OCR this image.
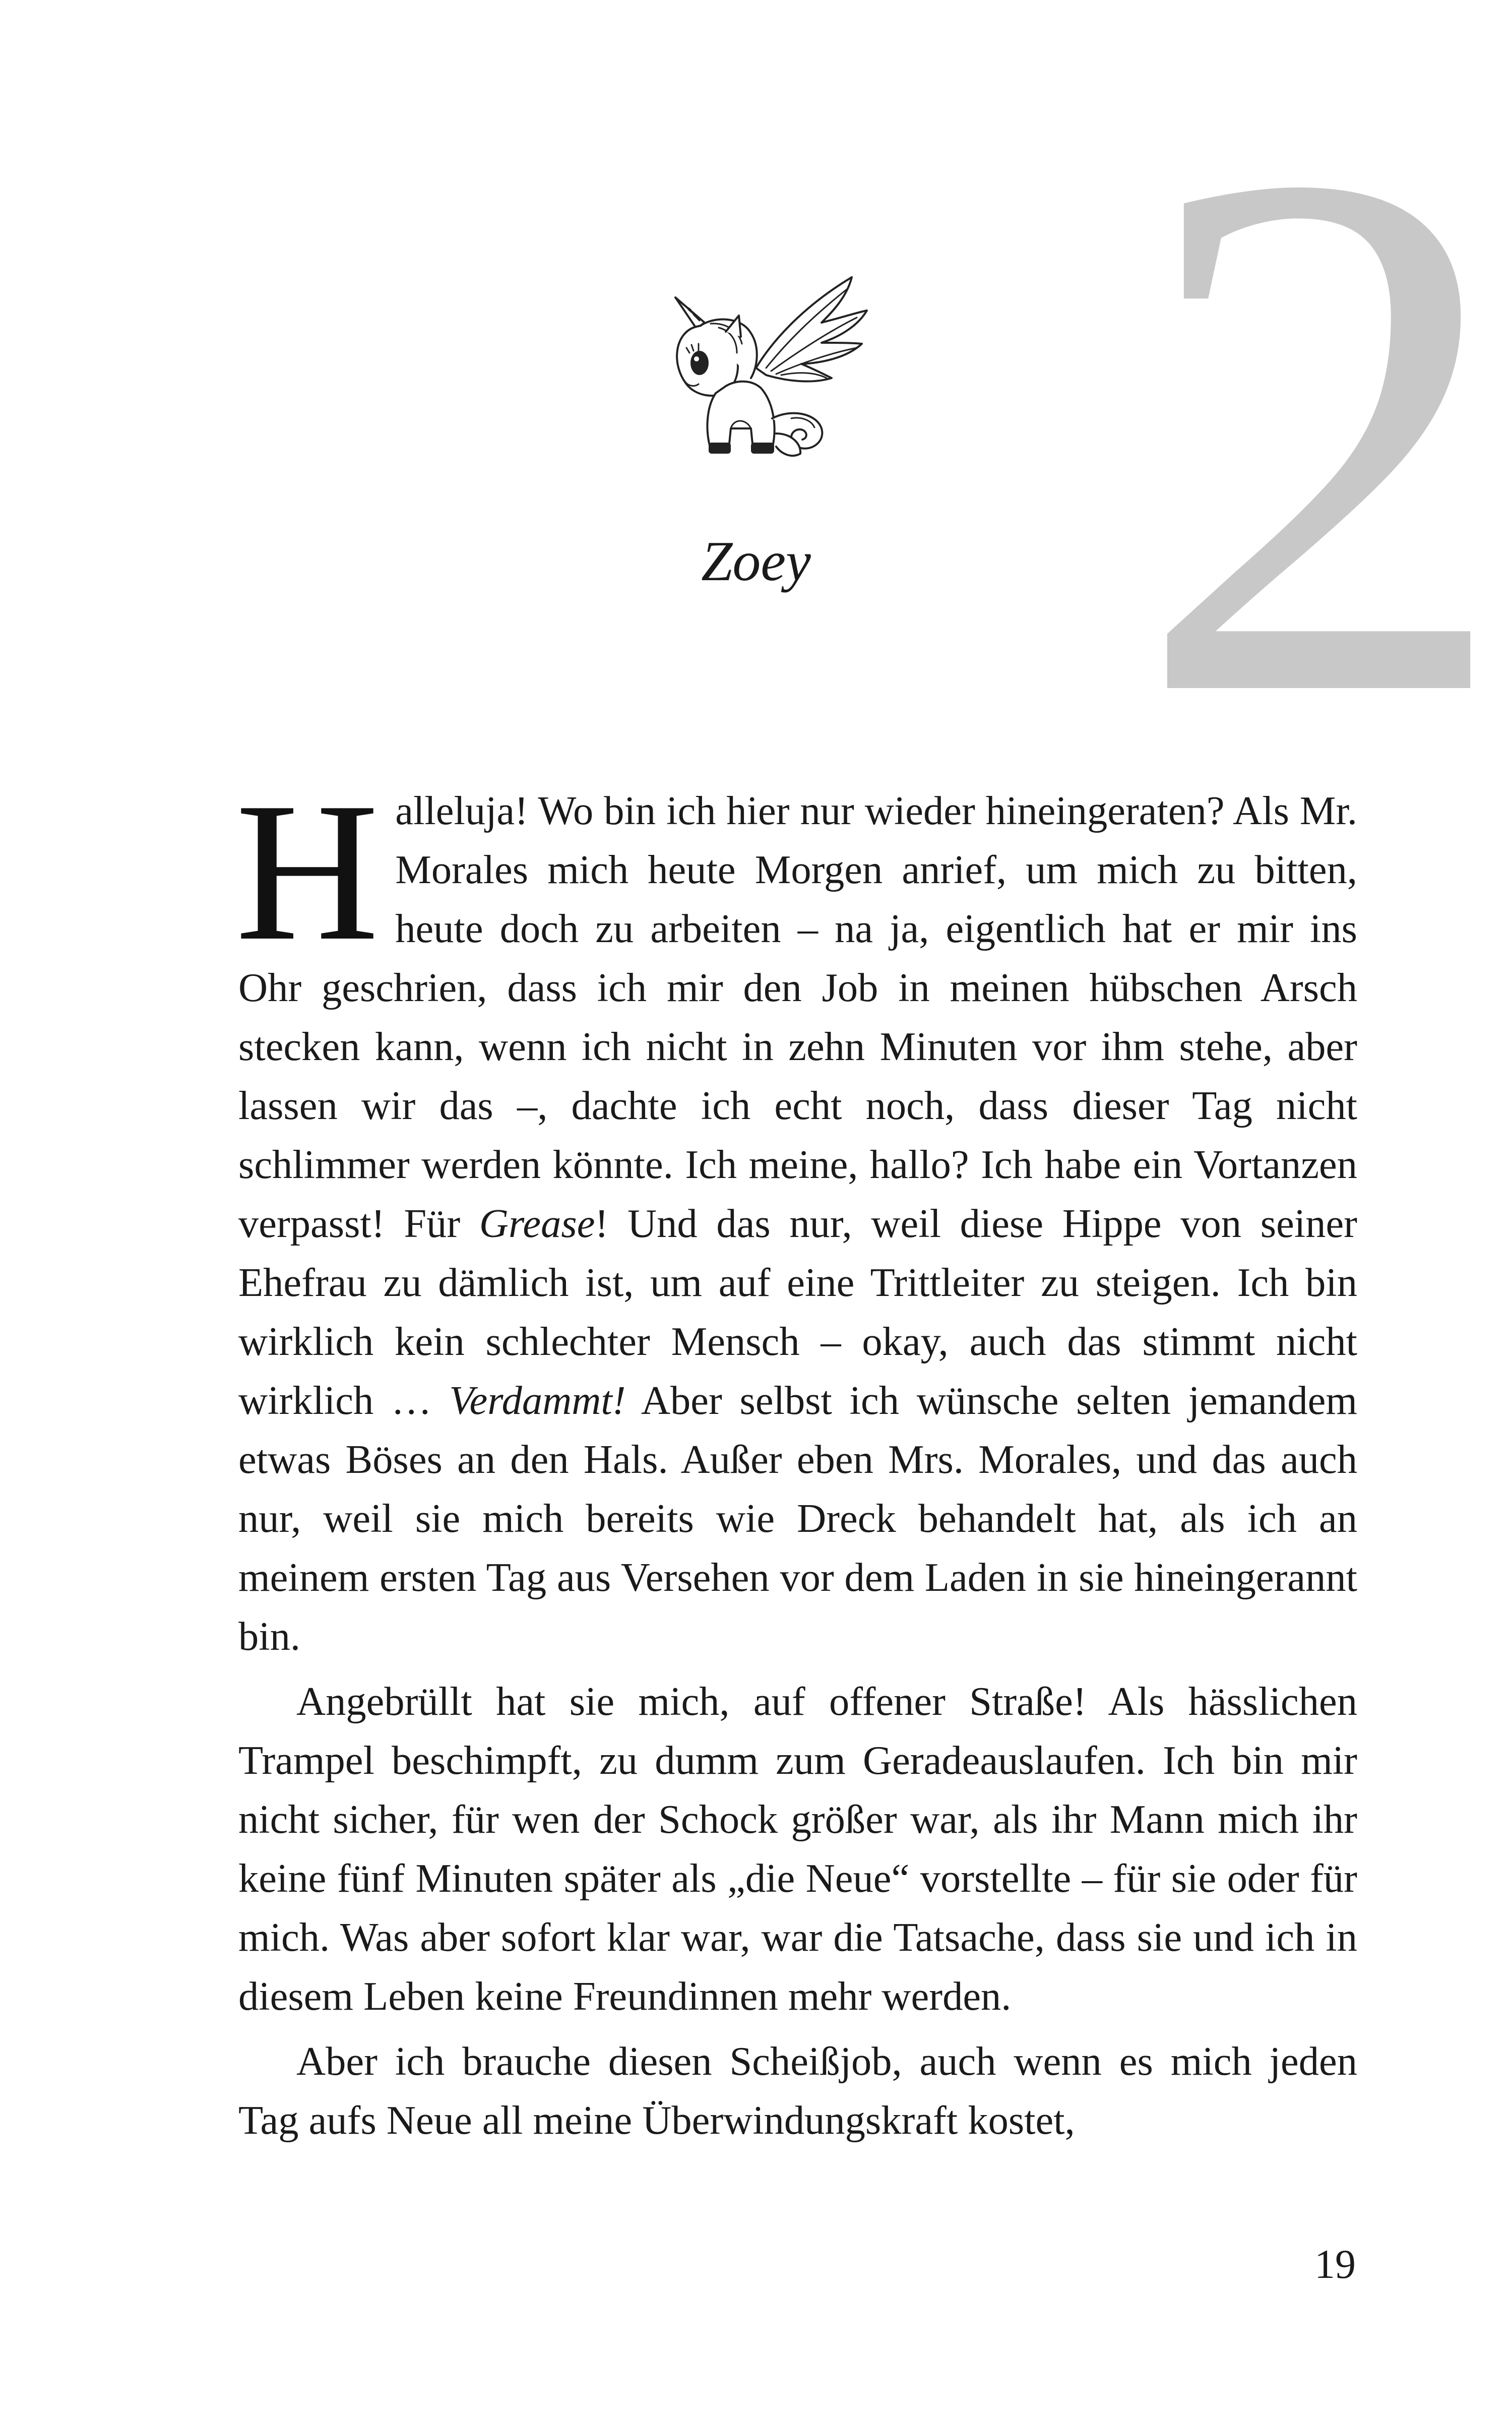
2
Zoey

Halleluja! Wo bin ich hier nur wieder hineingeraten? Als Mr. Morales mich heute Morgen anrief, um mich zu bitten, heute doch zu arbeiten – na ja, eigentlich hat er mir ins Ohr geschrien, dass ich mir den Job in meinen hübschen Arsch stecken kann, wenn ich nicht in zehn Minuten vor ihm stehe, aber lassen wir das –, dachte ich echt noch, dass dieser Tag nicht schlimmer werden könnte. Ich meine, hallo? Ich habe ein Vortanzen verpasst! Für Grease! Und das nur, weil diese Hippe von seiner Ehefrau zu dämlich ist, um auf eine Trittleiter zu steigen. Ich bin wirklich kein schlechter Mensch – okay, auch das stimmt nicht wirklich … Verdammt! Aber selbst ich wünsche selten jemandem etwas Böses an den Hals. Außer eben Mrs. Morales, und das auch nur, weil sie mich bereits wie Dreck behandelt hat, als ich an meinem ersten Tag aus Versehen vor dem Laden in sie hineingerannt bin.

Angebrüllt hat sie mich, auf offener Straße! Als hässlichen Trampel beschimpft, zu dumm zum Geradeauslaufen. Ich bin mir nicht sicher, für wen der Schock größer war, als ihr Mann mich ihr keine fünf Minuten später als „die Neue“ vorstellte – für sie oder für mich. Was aber sofort klar war, war die Tatsache, dass sie und ich in diesem Leben keine Freundinnen mehr werden.

Aber ich brauche diesen Scheißjob, auch wenn es mich jeden Tag aufs Neue all meine Überwindungskraft kostet,

19
